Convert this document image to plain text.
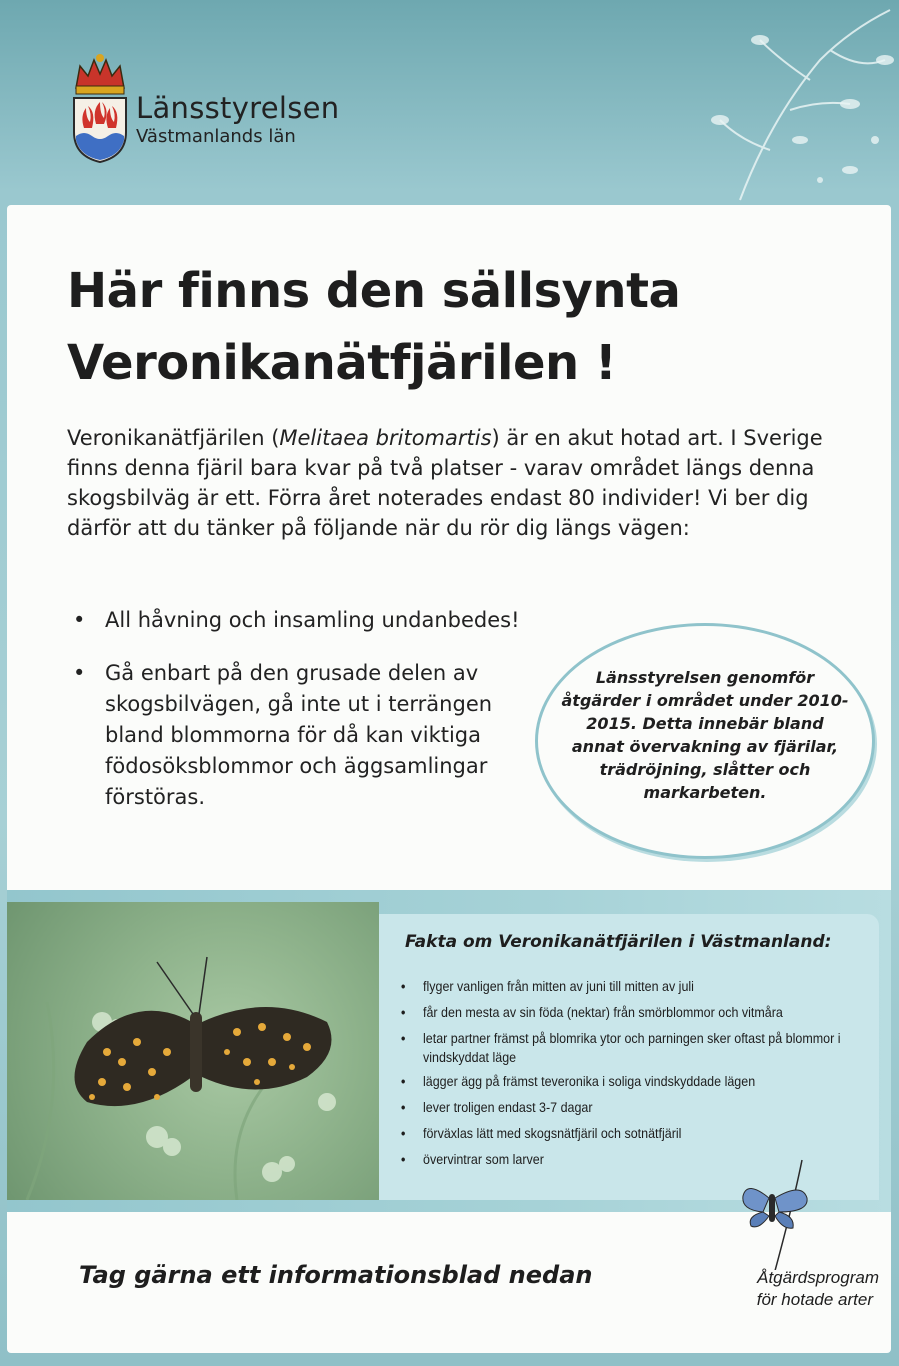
Länsstyrelsen
Västmanlands län
Här finns den sällsynta
Veronikanätfjärilen !
Veronikanätfjärilen (Melitaea britomartis) är en akut hotad art. I Sverige finns denna fjäril bara kvar på två platser - varav området längs denna skogsbilväg är ett. Förra året noterades endast 80 individer! Vi ber dig därför att du tänker på följande när du rör dig längs vägen:
• All håvning och insamling undanbedes!
• Gå enbart på den grusade delen av skogsbilvägen, gå inte ut i terrängen bland blommorna för då kan viktiga födosöksblommor och äggsamlingar förstöras.
Länsstyrelsen genomför åtgärder i området under 2010-2015. Detta innebär bland annat övervakning av fjärilar, trädröjning, slåtter och markarbeten.
Fakta om Veronikanätfjärilen i Västmanland:
• flyger vanligen från mitten av juni till mitten av juli
• får den mesta av sin föda (nektar) från smörblommor och vitmåra
• letar partner främst på blomrika ytor och parningen sker oftast på blommor i vindskyddat läge
• lägger ägg på främst teveronika i soliga vindskyddade lägen
• lever troligen endast 3-7 dagar
• förväxlas lätt med skogsnätfjäril och sotnätfjäril
• övervintrar som larver
Tag gärna ett informationsblad nedan	Åtgärdsprogram
för hotade arter
